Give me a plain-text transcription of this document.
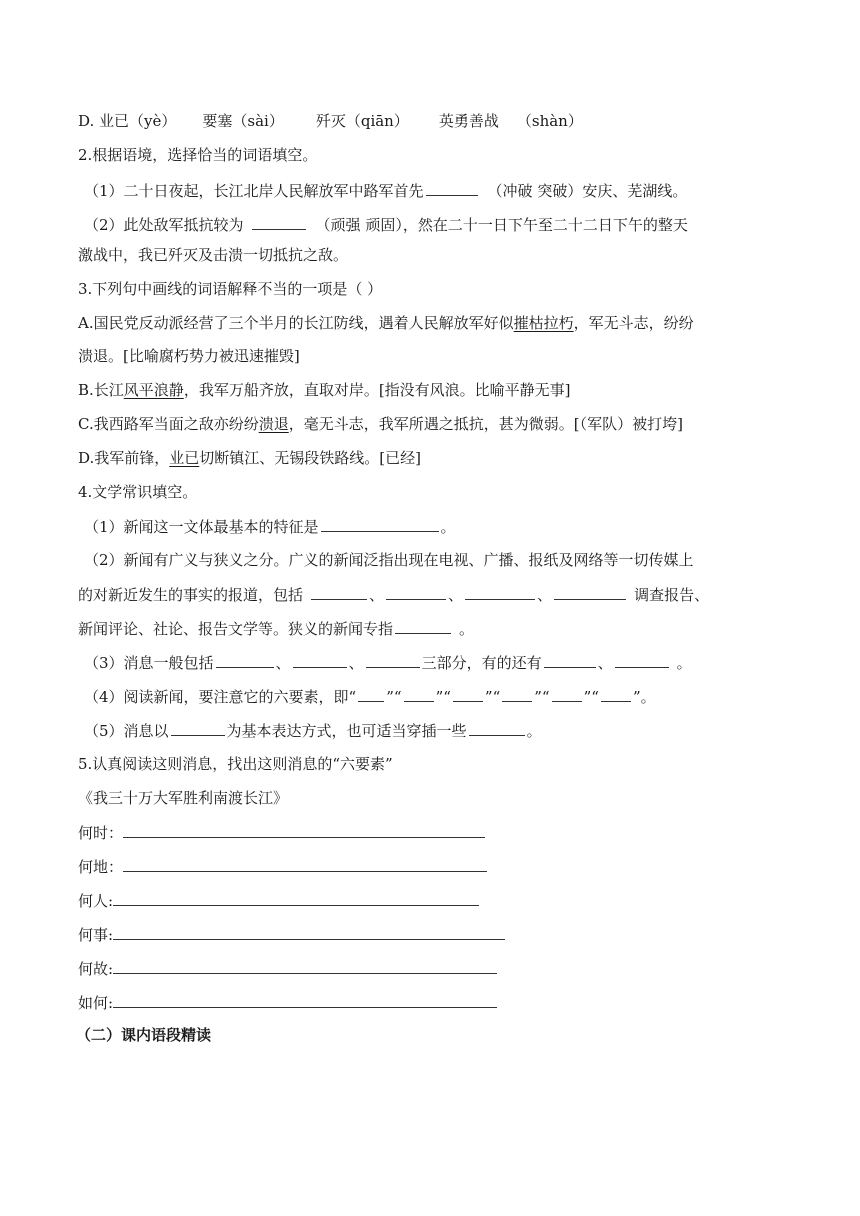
D. 业已（yè） 要塞（sài） 歼灭（qiān） 英勇善战 （shàn）
2.根据语境，选择恰当的词语填空。
（1）二十日夜起，长江北岸人民解放军中路军首先	（冲破 突破）安庆、芜湖线。
（2）此处敌军抵抗较为	（顽强 顽固），然在二十一日下午至二十二日下午的整天
激战中，我已歼灭及击溃一切抵抗之敌。
3.下列句中画线的词语解释不当的一项是（ ）
A.国民党反动派经营了三个半月的长江防线，遇着人民解放军好似摧枯拉朽，军无斗志，纷纷
溃退。[比喻腐朽势力被迅速摧毁]
B.长江风平浪静，我军万船齐放，直取对岸。[指没有风浪。比喻平静无事]
C.我西路军当面之敌亦纷纷溃退，毫无斗志，我军所遇之抵抗，甚为微弱。[（军队）被打垮]
D.我军前锋，业已切断镇江、无锡段铁路线。[已经]
4.文学常识填空。
（1）新闻这一文体最基本的特征是	。
（2）新闻有广义与狭义之分。广义的新闻泛指出现在电视、广播、报纸及网络等一切传媒上
的对新近发生的事实的报道，包括	、	、	、	调查报告、
新闻评论、社论、报告文学等。狭义的新闻专指	。
（3）消息一般包括	、	、	三部分，有的还有	、	。
（4）阅读新闻，要注意它的六要素，即“ ”“ ”“ ”“ ”“ ”“ ”。
（5）消息以	为基本表达方式，也可适当穿插一些	。
5.认真阅读这则消息，找出这则消息的“六要素”
《我三十万大军胜利南渡长江》
何时：
何地：
何人:
何事:
何故:
如何:
（二）课内语段精读
